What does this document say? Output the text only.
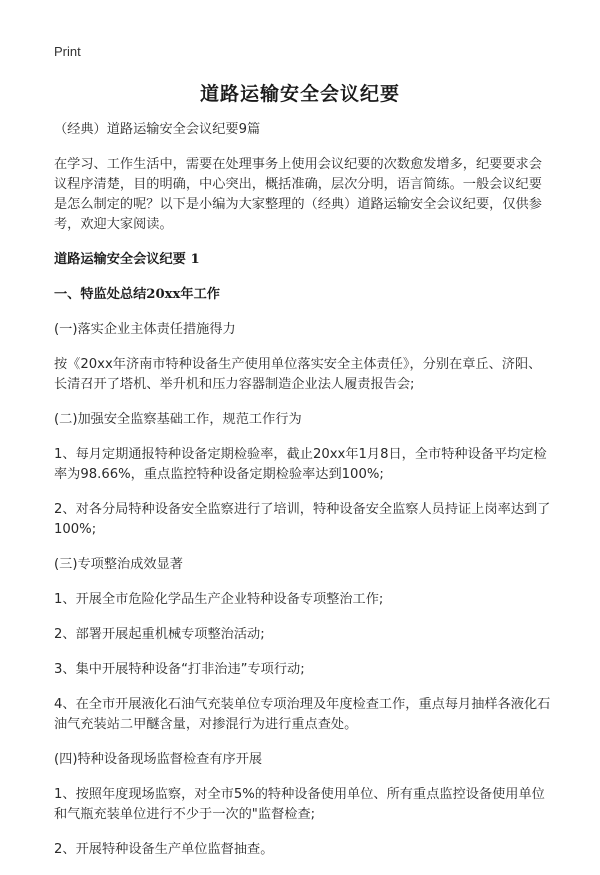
Print
道路运输安全会议纪要
（经典）道路运输安全会议纪要9篇
在学习、工作生活中，需要在处理事务上使用会议纪要的次数愈发增多，纪要要求会议程序清楚，目的明确，中心突出，概括准确，层次分明，语言简练。一般会议纪要是怎么制定的呢？以下是小编为大家整理的（经典）道路运输安全会议纪要，仅供参考，欢迎大家阅读。
道路运输安全会议纪要 1
一、特监处总结20xx年工作
(一)落实企业主体责任措施得力
按《20xx年济南市特种设备生产使用单位落实安全主体责任》，分别在章丘、济阳、长清召开了塔机、举升机和压力容器制造企业法人履责报告会;
(二)加强安全监察基础工作，规范工作行为
1、每月定期通报特种设备定期检验率，截止20xx年1月8日，全市特种设备平均定检率为98.66%，重点监控特种设备定期检验率达到100%;
2、对各分局特种设备安全监察进行了培训，特种设备安全监察人员持证上岗率达到了100%;
(三)专项整治成效显著
1、开展全市危险化学品生产企业特种设备专项整治工作;
2、部署开展起重机械专项整治活动;
3、集中开展特种设备“打非治违”专项行动;
4、在全市开展液化石油气充装单位专项治理及年度检查工作，重点每月抽样各液化石油气充装站二甲醚含量，对掺混行为进行重点查处。
(四)特种设备现场监督检查有序开展
1、按照年度现场监察，对全市5%的特种设备使用单位、所有重点监控设备使用单位和气瓶充装单位进行不少于一次的"监督检查;
2、开展特种设备生产单位监督抽查。
